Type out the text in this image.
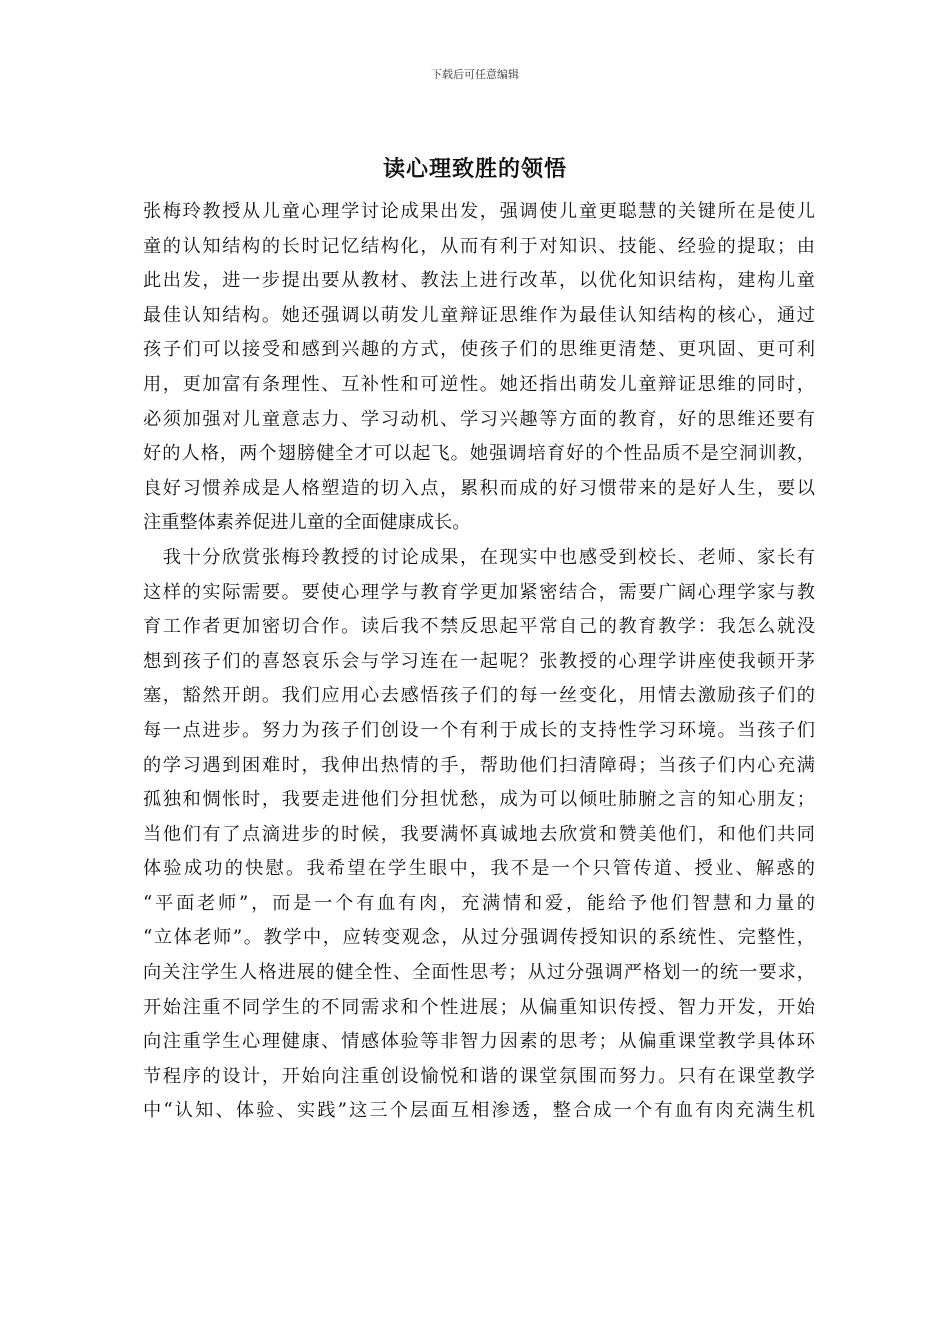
下载后可任意编辑
读心理致胜的领悟
张梅玲教授从儿童心理学讨论成果出发，强调使儿童更聪慧的关键所在是使儿
童的认知结构的长时记忆结构化，从而有利于对知识、技能、经验的提取；由
此出发，进一步提出要从教材、教法上进行改革，以优化知识结构，建构儿童
最佳认知结构。她还强调以萌发儿童辩证思维作为最佳认知结构的核心，通过
孩子们可以接受和感到兴趣的方式，使孩子们的思维更清楚、更巩固、更可利
用，更加富有条理性、互补性和可逆性。她还指出萌发儿童辩证思维的同时，
必须加强对儿童意志力、学习动机、学习兴趣等方面的教育，好的思维还要有
好的人格，两个翅膀健全才可以起飞。她强调培育好的个性品质不是空洞训教，
良好习惯养成是人格塑造的切入点，累积而成的好习惯带来的是好人生，要以
注重整体素养促进儿童的全面健康成长。
　我十分欣赏张梅玲教授的讨论成果，在现实中也感受到校长、老师、家长有
这样的实际需要。要使心理学与教育学更加紧密结合，需要广阔心理学家与教
育工作者更加密切合作。读后我不禁反思起平常自己的教育教学：我怎么就没
想到孩子们的喜怒哀乐会与学习连在一起呢？张教授的心理学讲座使我顿开茅
塞，豁然开朗。我们应用心去感悟孩子们的每一丝变化，用情去激励孩子们的
每一点进步。努力为孩子们创设一个有利于成长的支持性学习环境。当孩子们
的学习遇到困难时，我伸出热情的手，帮助他们扫清障碍；当孩子们内心充满
孤独和惆怅时，我要走进他们分担忧愁，成为可以倾吐肺腑之言的知心朋友；
当他们有了点滴进步的时候，我要满怀真诚地去欣赏和赞美他们，和他们共同
体验成功的快慰。我希望在学生眼中，我不是一个只管传道、授业、解惑的
“平面老师”，而是一个有血有肉，充满情和爱，能给予他们智慧和力量的
“立体老师”。教学中，应转变观念，从过分强调传授知识的系统性、完整性，
向关注学生人格进展的健全性、全面性思考；从过分强调严格划一的统一要求，
开始注重不同学生的不同需求和个性进展；从偏重知识传授、智力开发，开始
向注重学生心理健康、情感体验等非智力因素的思考；从偏重课堂教学具体环
节程序的设计，开始向注重创设愉悦和谐的课堂氛围而努力。只有在课堂教学
中“认知、体验、实践”这三个层面互相渗透，整合成一个有血有肉充满生机
